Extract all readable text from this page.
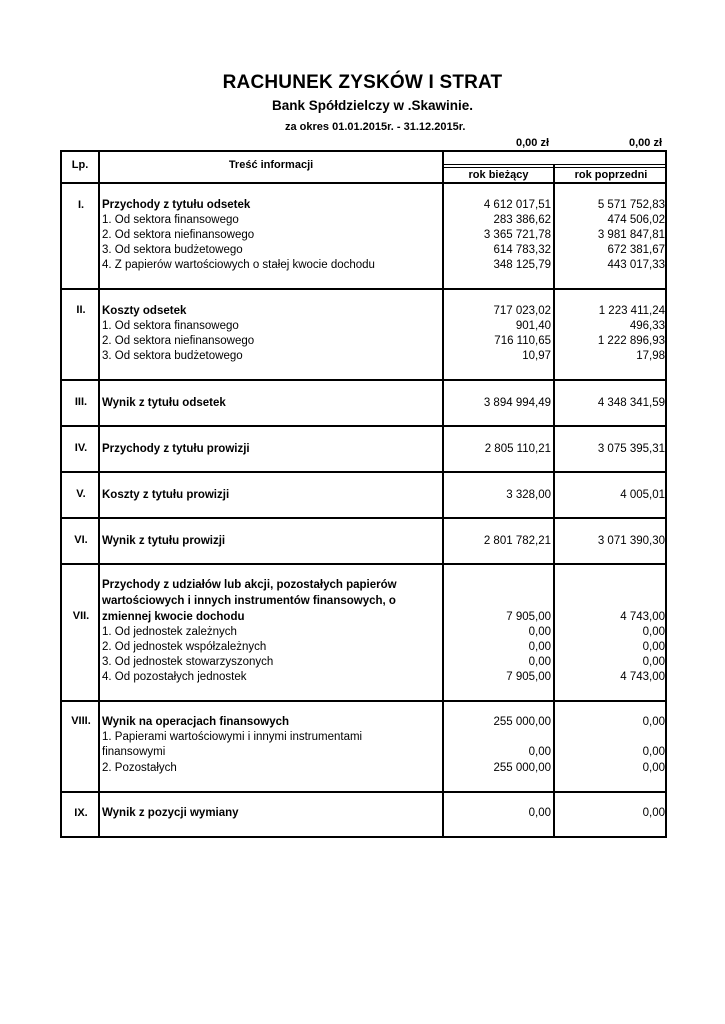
RACHUNEK ZYSKÓW I STRAT
Bank Spółdzielczy w .Skawinie.
za okres 01.01.2015r. - 31.12.2015r.
0,00 zł	0,00 zł
Lp.	Treść informacji
rok bieżący	rok poprzedni
I.	Przychody z tytułu odsetek	4 612 017,51	5 571 752,83
1. Od sektora finansowego	283 386,62	474 506,02
2. Od sektora niefinansowego	3 365 721,78	3 981 847,81
3. Od sektora budżetowego	614 783,32	672 381,67
4. Z papierów wartościowych o stałej kwocie dochodu	348 125,79	443 017,33
II.	Koszty odsetek	717 023,02	1 223 411,24
1. Od sektora finansowego	901,40	496,33
2. Od sektora niefinansowego	716 110,65	1 222 896,93
3. Od sektora budżetowego	10,97	17,98
III.	Wynik z tytułu odsetek	3 894 994,49	4 348 341,59
IV.	Przychody z tytułu prowizji	2 805 110,21	3 075 395,31
V.	Koszty z tytułu prowizji	3 328,00	4 005,01
VI.	Wynik z tytułu prowizji	2 801 782,21	3 071 390,30
Przychody z udziałów lub akcji, pozostałych papierów
wartościowych i innych instrumentów finansowych, o
VII.	zmiennej kwocie dochodu	7 905,00	4 743,00
1. Od jednostek zależnych	0,00	0,00
2. Od jednostek współzależnych	0,00	0,00
3. Od jednostek stowarzyszonych	0,00	0,00
4. Od pozostałych jednostek	7 905,00	4 743,00
VIII. Wynik na operacjach finansowych	255 000,00	0,00
1. Papierami wartościowymi i innymi instrumentami
finansowymi	0,00	0,00
2. Pozostałych	255 000,00	0,00
IX.	Wynik z pozycji wymiany	0,00	0,00
